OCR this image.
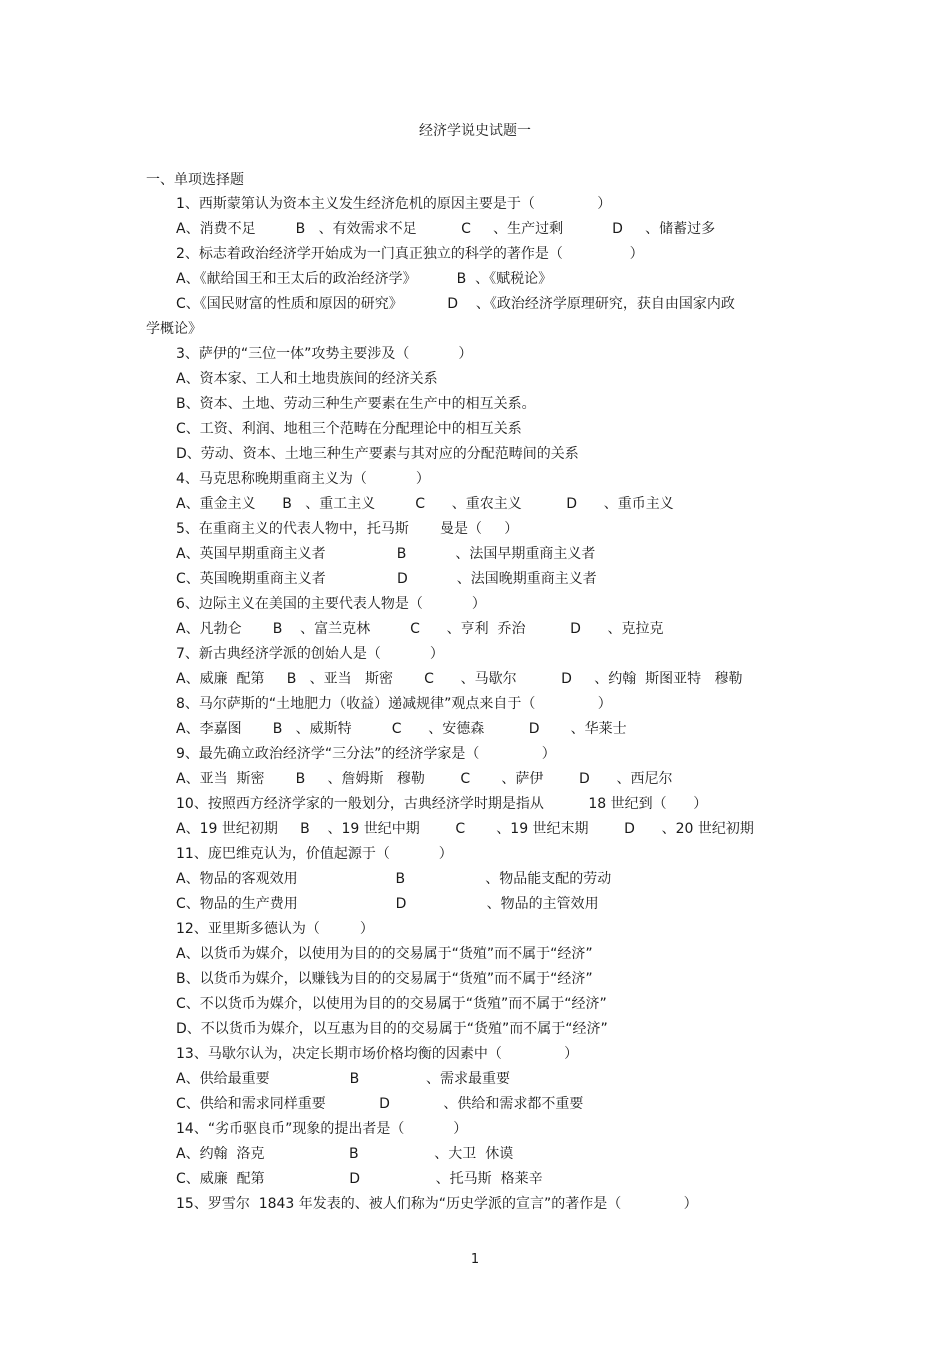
经济学说史试题一
一、单项选择题
1、西斯蒙第认为资本主义发生经济危机的原因主要是于（              ）
A、消费不足         B   、有效需求不足          C     、生产过剩           D     、储蓄过多
2、标志着政治经济学开始成为一门真正独立的科学的著作是（               ）
A、《献给国王和王太后的政治经济学》         B  、《赋税论》
C、《国民财富的性质和原因的研究》          D    、《政治经济学原理研究，获自由国家内政
学概论》
3、萨伊的“三位一体”攻势主要涉及（           ）
A、资本家、工人和土地贵族间的经济关系
B、资本、土地、劳动三种生产要素在生产中的相互关系。
C、工资、利润、地租三个范畴在分配理论中的相互关系
D、劳动、资本、土地三种生产要素与其对应的分配范畴间的关系
4、马克思称晚期重商主义为（           ）
A、重金主义      B   、重工主义         C      、重农主义          D      、重币主义
5、在重商主义的代表人物中，托马斯       曼是（     ）
A、英国早期重商主义者                B           、法国早期重商主义者
C、英国晚期重商主义者                D           、法国晚期重商主义者
6、边际主义在美国的主要代表人物是（           ）
A、凡勃仑       B    、富兰克林         C      、亨利  乔治          D      、克拉克
7、新古典经济学派的创始人是（           ）
A、威廉  配第     B   、亚当   斯密       C      、马歇尔          D     、约翰  斯图亚特   穆勒
8、马尔萨斯的“土地肥力（收益）递减规律”观点来自于（              ）
A、李嘉图       B   、威斯特         C      、安德森          D       、华莱士
9、最先确立政治经济学“三分法”的经济学家是（              ）
A、亚当  斯密       B     、詹姆斯   穆勒        C       、萨伊        D      、西尼尔
10、按照西方经济学家的一般划分，古典经济学时期是指从          18 世纪到（      ）
A、19 世纪初期     B    、19 世纪中期        C       、19 世纪末期        D      、20 世纪初期
11、庞巴维克认为，价值起源于（           ）
A、物品的客观效用                      B                  、物品能支配的劳动
C、物品的生产费用                      D                  、物品的主管效用
12、亚里斯多德认为（         ）
A、以货币为媒介，以使用为目的的交易属于“货殖”而不属于“经济”
B、以货币为媒介，以赚钱为目的的交易属于“货殖”而不属于“经济”
C、不以货币为媒介，以使用为目的的交易属于“货殖”而不属于“经济”
D、不以货币为媒介，以互惠为目的的交易属于“货殖”而不属于“经济”
13、马歇尔认为，决定长期市场价格均衡的因素中（              ）
A、供给最重要                  B               、需求最重要
C、供给和需求同样重要            D            、供给和需求都不重要
14、“劣币驱良币”现象的提出者是（           ）
A、约翰  洛克                   B                 、大卫  休谟
C、威廉  配第                   D                 、托马斯  格莱辛
15、罗雪尔  1843 年发表的、被人们称为“历史学派的宣言”的著作是（              ）
1
